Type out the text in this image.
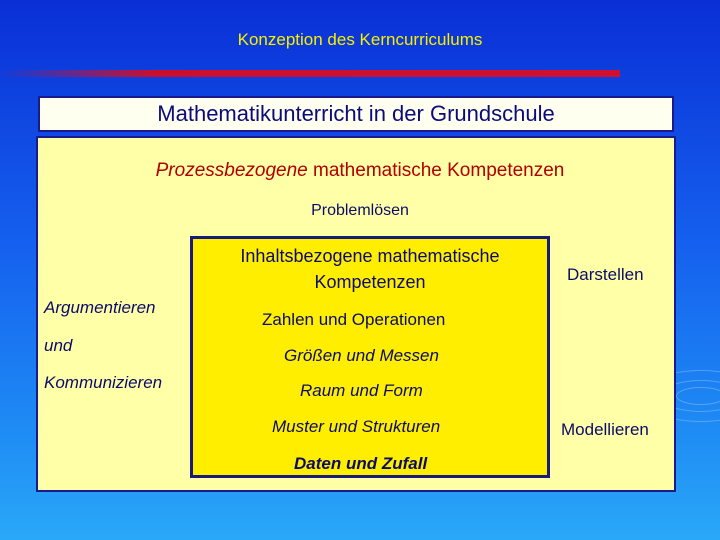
Konzeption des Kerncurriculums
Mathematikunterricht in der Grundschule
Prozessbezogene mathematische Kompetenzen
Problemlösen
Argumentieren
und
Kommunizieren
Darstellen
Modellieren
Inhaltsbezogene mathematische
Kompetenzen
Zahlen und Operationen
Größen und Messen
Raum und Form
Muster und Strukturen
Daten und Zufall
